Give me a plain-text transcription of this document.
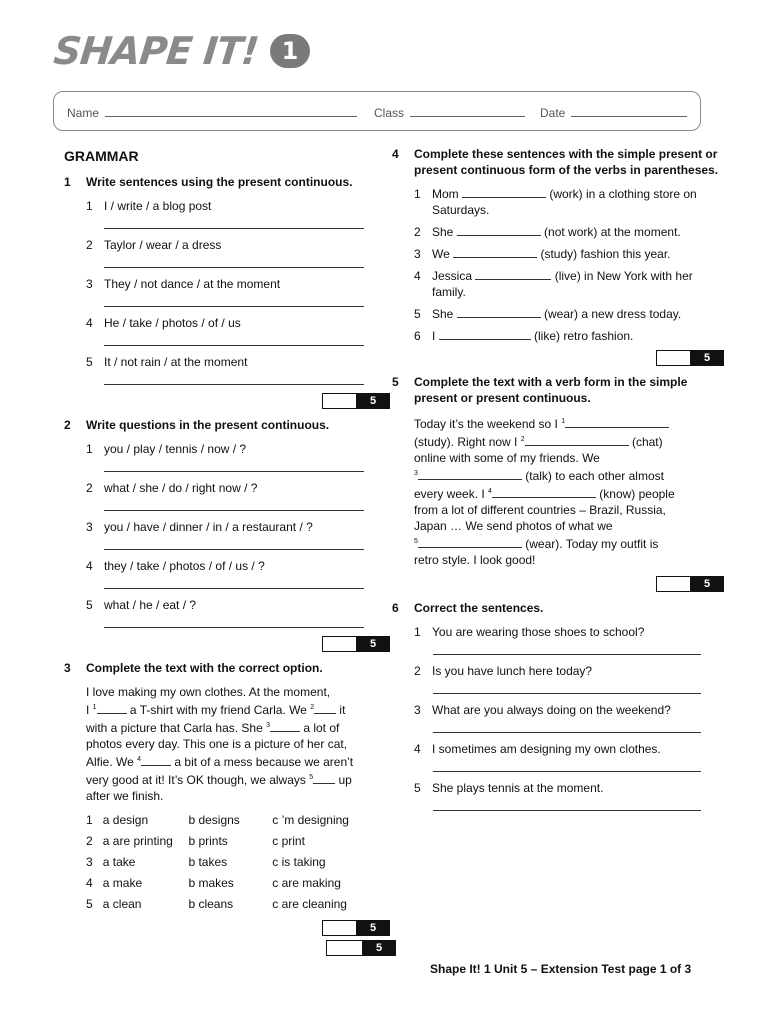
SHAPE IT! 1
Name	Class	Date
GRAMMAR
1	Write sentences using the present continuous.
1 I / write / a blog post
2 Taylor / wear / a dress
3 They / not dance / at the moment
4 He / take / photos / of / us
5 It / not rain / at the moment
5
2	Write questions in the present continuous.
1 you / play / tennis / now / ?
2 what / she / do / right now / ?
3 you / have / dinner / in / a restaurant / ?
4 they / take / photos / of / us / ?
5 what / he / eat / ?
5
3	Complete the text with the correct option.
I love making my own clothes. At the moment,
I $^1$	a T-shirt with my friend Carla. We $^2$ it
with a picture that Carla has. She $^3$	a lot of
photos every day. This one is a picture of her cat,
Alfie. We $^4$	a bit of a mess because we aren’t
very good at it! It’s OK though, we always $^5$ up
after we finish.
1 a design	b designs	c ’m designing
2 a are printing	b prints	c print
3 a take	b takes	c is taking
4 a make	b makes	c are making
5 a clean	b cleans	c are cleaning
5
5
4	Complete these sentences with the simple present or present continuous form of the verbs in parentheses.
1 Mom	(work) in a clothing store on Saturdays.
2 She	(not work) at the moment.
3 We	(study) fashion this year.
4 Jessica	(live) in New York with her family.
5 She	(wear) a new dress today.
6 I	(like) retro fashion.
5
5	Complete the text with a verb form in the simple present or present continuous.
Today it’s the weekend so I $^1$
(study). Right now I $^2$	(chat)
online with some of my friends. We
$^3$	(talk) to each other almost
every week. I $^4$	(know) people
from a lot of different countries – Brazil, Russia,
Japan … We send photos of what we
$^5$	(wear). Today my outfit is
retro style. I look good!
5
6	Correct the sentences.
1 You are wearing those shoes to school?
2 Is you have lunch here today?
3 What are you always doing on the weekend?
4 I sometimes am designing my own clothes.
5 She plays tennis at the moment.
Shape It! 1 Unit 5 – Extension Test page 1 of 3
